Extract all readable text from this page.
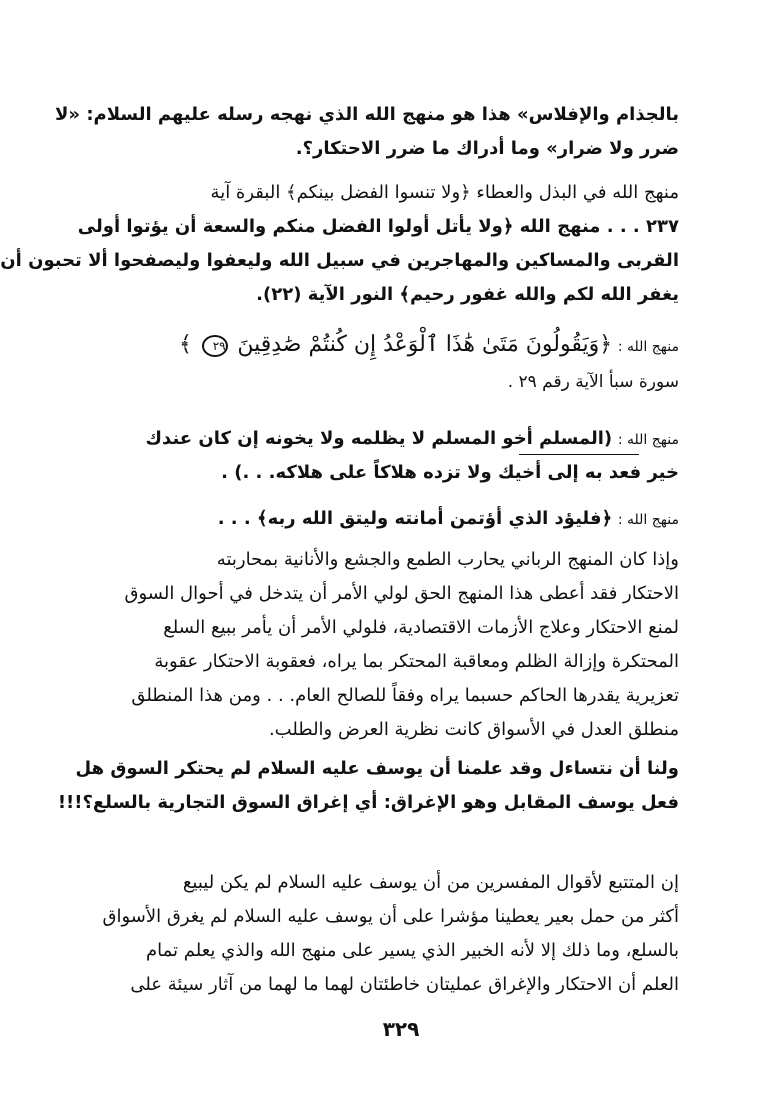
بالجذام والإفلاس» هذا هو منهج الله الذي نهجه رسله عليهم السلام: «لا
ضرر ولا ضرار» وما أدراك ما ضرر الاحتكار؟.
منهج الله في البذل والعطاء ﴿ولا تنسوا الفضل بينكم﴾ البقرة آية
٢٣٧ . . . منهج الله ﴿ولا يأتل أولوا الفضل منكم والسعة أن يؤتوا أولى
القربى والمساكين والمهاجرين في سبيل الله وليعفوا وليصفحوا ألا تحبون أن
يغفر الله لكم والله غفور رحيم﴾ النور الآية (٢٢).
منهج الله : ﴿وَيَقُولُونَ مَتَىٰ هَٰذَا ٱلْوَعْدُ إِن كُنتُمْ صَٰدِقِينَ ٢٩ ﴾
سورة سبأ الآية رقم ٢٩ .
منهج الله : (المسلم أخو المسلم لا يظلمه ولا يخونه إن كان عندك
خير فعد به إلى أخيك ولا تزده هلاكاً على هلاكه. . .) .
منهج الله : ﴿فليؤد الذي أؤتمن أمانته وليتق الله ربه﴾ . . .
وإذا كان المنهج الرباني يحارب الطمع والجشع والأنانية بمحاربته
الاحتكار فقد أعطى هذا المنهج الحق لولي الأمر أن يتدخل في أحوال السوق
لمنع الاحتكار وعلاج الأزمات الاقتصادية، فلولي الأمر أن يأمر ببيع السلع
المحتكرة وإزالة الظلم ومعاقبة المحتكر بما يراه، فعقوبة الاحتكار عقوبة
تعزيرية يقدرها الحاكم حسبما يراه وفقاً للصالح العام. . . ومن هذا المنطلق
منطلق العدل في الأسواق كانت نظرية العرض والطلب.
ولنا أن نتساءل وقد علمنا أن يوسف عليه السلام لم يحتكر السوق هل
فعل يوسف المقابل وهو الإغراق: أي إغراق السوق التجارية بالسلع؟!!!
إن المتتبع لأقوال المفسرين من أن يوسف عليه السلام لم يكن ليبيع
أكثر من حمل بعير يعطينا مؤشرا على أن يوسف عليه السلام لم يغرق الأسواق
بالسلع، وما ذلك إلا لأنه الخبير الذي يسير على منهج الله والذي يعلم تمام
العلم أن الاحتكار والإغراق عمليتان خاطئتان لهما ما لهما من آثار سيئة على
٣٢٩
